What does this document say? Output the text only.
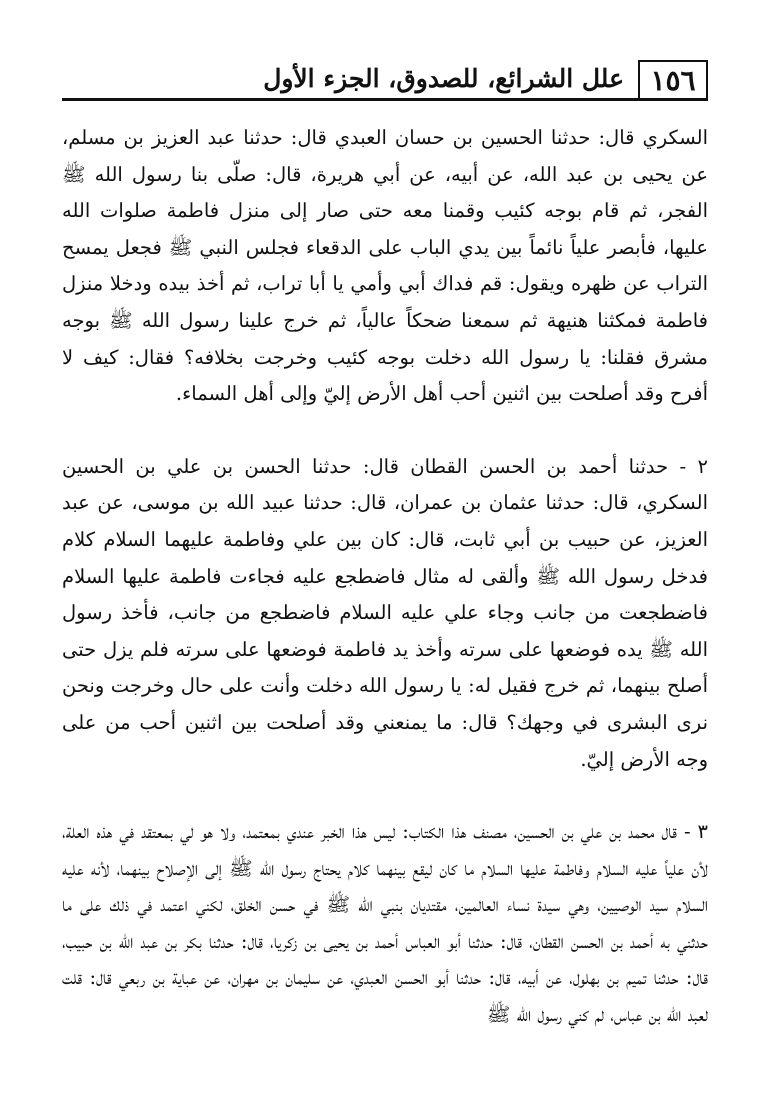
١٥٦
علل الشرائع، للصدوق، الجزء الأول

السكري قال: حدثنا الحسين بن حسان العبدي قال: حدثنا عبد العزيز بن مسلم، عن يحيى بن عبد الله، عن أبيه، عن أبي هريرة، قال: صلّى بنا رسول الله ﷺ الفجر، ثم قام بوجه كئيب وقمنا معه حتى صار إلى منزل فاطمة صلوات الله عليها، فأبصر علياً نائماً بين يدي الباب على الدقعاء فجلس النبي ﷺ فجعل يمسح التراب عن ظهره ويقول: قم فداك أبي وأمي يا أبا تراب، ثم أخذ بيده ودخلا منزل فاطمة فمكثنا هنيهة ثم سمعنا ضحكاً عالياً، ثم خرج علينا رسول الله ﷺ بوجه مشرق فقلنا: يا رسول الله دخلت بوجه كئيب وخرجت بخلافه؟ فقال: كيف لا أفرح وقد أصلحت بين اثنين أحب أهل الأرض إليّ وإلى أهل السماء.

٢ - حدثنا أحمد بن الحسن القطان قال: حدثنا الحسن بن علي بن الحسين السكري، قال: حدثنا عثمان بن عمران، قال: حدثنا عبيد الله بن موسى، عن عبد العزيز، عن حبيب بن أبي ثابت، قال: كان بين علي وفاطمة عليهما السلام كلام فدخل رسول الله ﷺ وألقى له مثال فاضطجع عليه فجاءت فاطمة عليها السلام فاضطجعت من جانب وجاء علي عليه السلام فاضطجع من جانب، فأخذ رسول الله ﷺ يده فوضعها على سرته وأخذ يد فاطمة فوضعها على سرته فلم يزل حتى أصلح بينهما، ثم خرج فقيل له: يا رسول الله دخلت وأنت على حال وخرجت ونحن نرى البشرى في وجهك؟ قال: ما يمنعني وقد أصلحت بين اثنين أحب من على وجه الأرض إليّ.

٣ - قال محمد بن علي بن الحسين، مصنف هذا الكتاب: ليس هذا الخبر عندي بمعتمد، ولا هو لي بمعتقد في هذه العلة، لأن علياً عليه السلام وفاطمة عليها السلام ما كان ليقع بينهما كلام يحتاج رسول الله ﷺ إلى الإصلاح بينهما، لأنه عليه السلام سيد الوصيين، وهي سيدة نساء العالمين، مقتديان بنبي الله ﷺ في حسن الخلق، لكني اعتمد في ذلك على ما حدثني به أحمد بن الحسن القطان، قال: حدثنا أبو العباس أحمد بن يحيى بن زكريا، قال: حدثنا بكر بن عبد الله بن حبيب، قال: حدثنا تميم بن بهلول، عن أبيه، قال: حدثنا أبو الحسن العبدي، عن سليمان بن مهران، عن عباية بن ربعي قال: قلت لعبد الله بن عباس، لم كني رسول الله ﷺ
